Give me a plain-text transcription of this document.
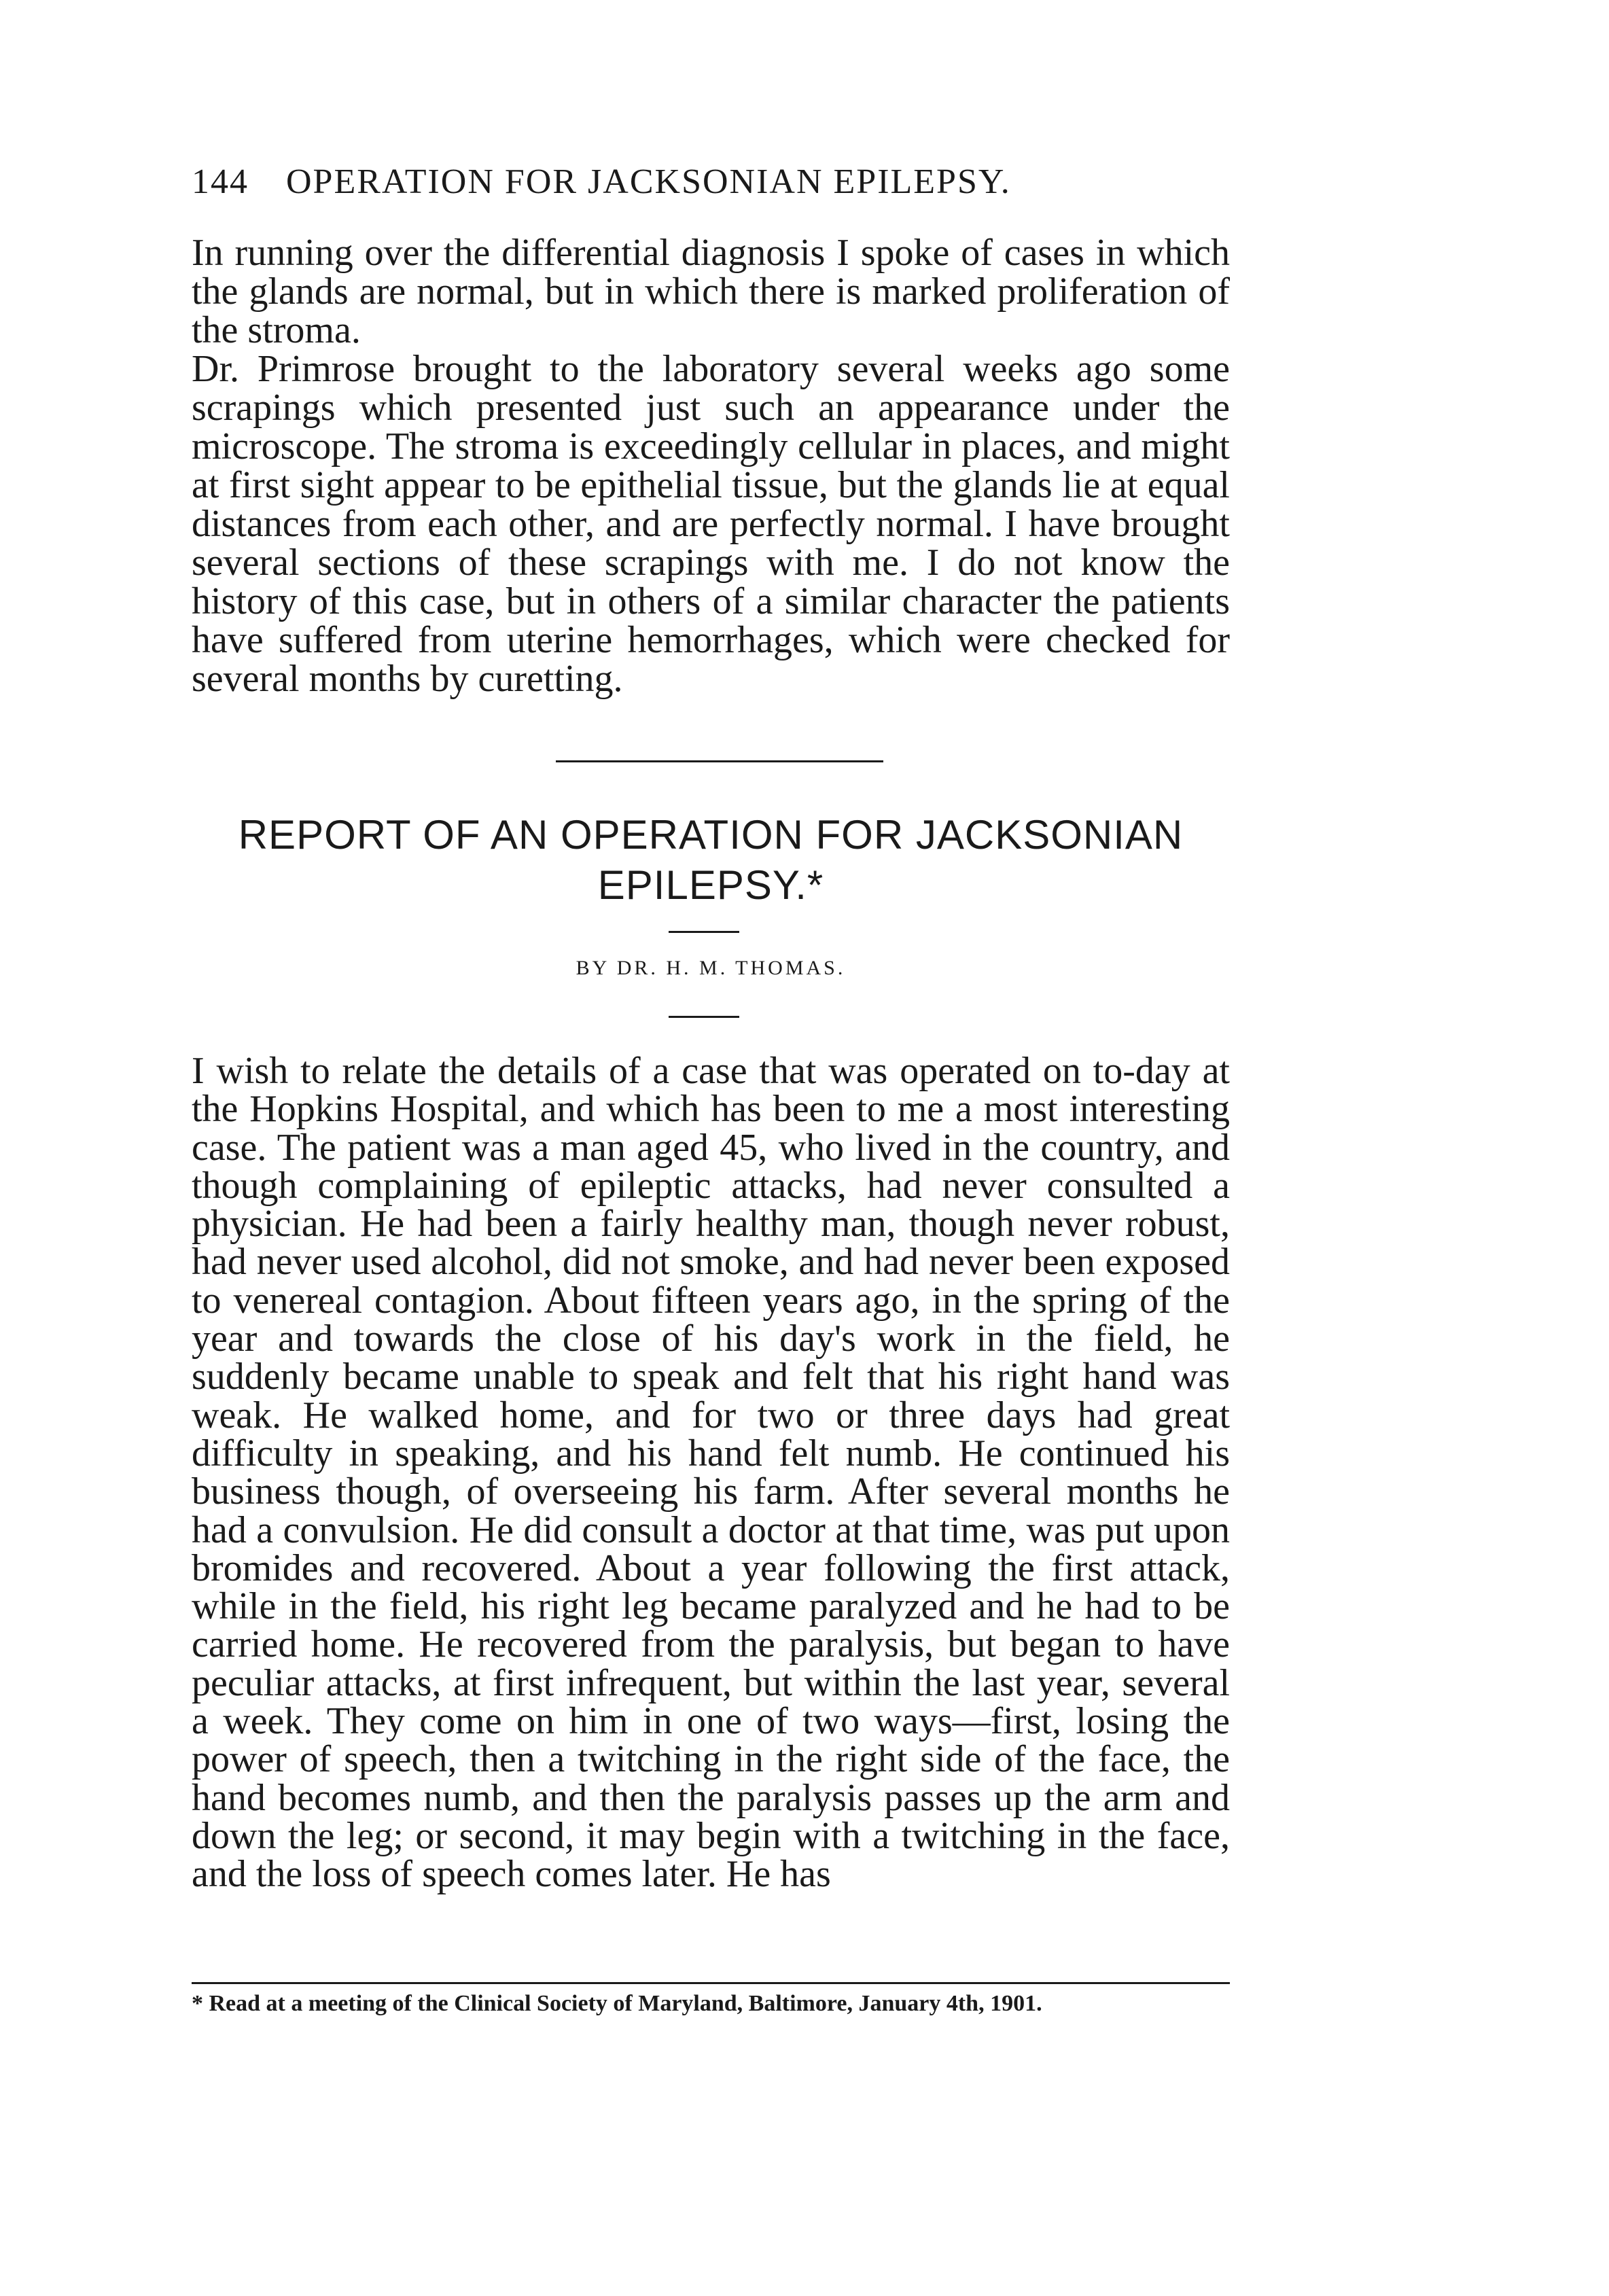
144 OPERATION FOR JACKSONIAN EPILEPSY.

In running over the differential diagnosis I spoke of cases in which the glands are normal, but in which there is marked proliferation of the stroma.

Dr. Primrose brought to the laboratory several weeks ago some scrapings which presented just such an appearance under the microscope. The stroma is exceedingly cellular in places, and might at first sight appear to be epithelial tissue, but the glands lie at equal distances from each other, and are perfectly normal. I have brought several sections of these scrapings with me. I do not know the history of this case, but in others of a similar character the patients have suffered from uterine hemorrhages, which were checked for several months by curetting.

REPORT OF AN OPERATION FOR JACKSONIAN
EPILEPSY.*
BY DR. H. M. THOMAS.

I wish to relate the details of a case that was operated on to-day at the Hopkins Hospital, and which has been to me a most interesting case. The patient was a man aged 45, who lived in the country, and though complaining of epileptic attacks, had never consulted a physician. He had been a fairly healthy man, though never robust, had never used alcohol, did not smoke, and had never been exposed to venereal contagion. About fifteen years ago, in the spring of the year and towards the close of his day's work in the field, he suddenly became unable to speak and felt that his right hand was weak. He walked home, and for two or three days had great difficulty in speaking, and his hand felt numb. He continued his business though, of overseeing his farm. After several months he had a convulsion. He did consult a doctor at that time, was put upon bromides and recovered. About a year following the first attack, while in the field, his right leg became paralyzed and he had to be carried home. He recovered from the paralysis, but began to have peculiar attacks, at first infrequent, but within the last year, several a week. They come on him in one of two ways—first, losing the power of speech, then a twitching in the right side of the face, the hand becomes numb, and then the paralysis passes up the arm and down the leg; or second, it may begin with a twitching in the face, and the loss of speech comes later. He has

* Read at a meeting of the Clinical Society of Maryland, Baltimore, January 4th, 1901.
